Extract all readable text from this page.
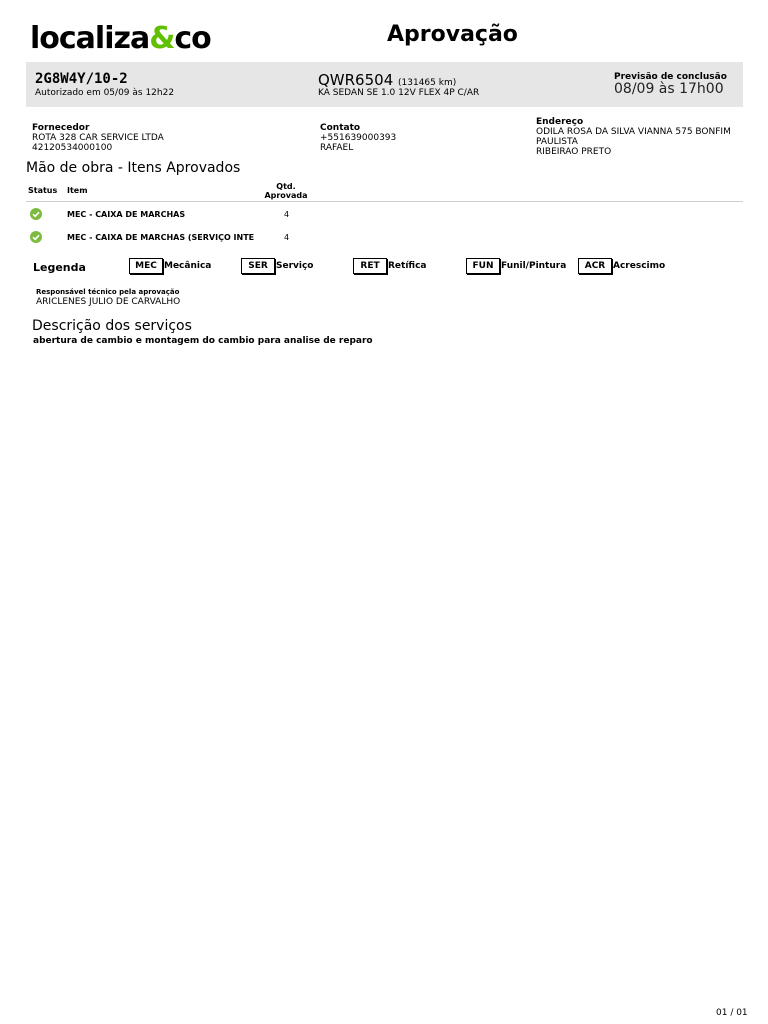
localiza&co	Aprovação
2G8W4Y/10-2
Autorizado em 05/09 às 12h22
QWR6504 (131465 km)
KA SEDAN SE 1.0 12V FLEX 4P C/AR
Previsão de conclusão
08/09 às 17h00
Fornecedor
ROTA 328 CAR SERVICE LTDA
42120534000100
Contato
+551639000393
RAFAEL
Endereço
ODILA ROSA DA SILVA VIANNA 575 BONFIM
PAULISTA
RIBEIRAO PRETO
Mão de obra - Itens Aprovados
Status Item	Qtd.
Aprovada
MEC - CAIXA DE MARCHAS	4
MEC - CAIXA DE MARCHAS (SERVIÇO INTE	4
Legenda	MEC Mecânica	SER Serviço	RET Retífica	FUN Funil/Pintura	ACR Acrescimo
Responsável técnico pela aprovação
ARICLENES JULIO DE CARVALHO
Descrição dos serviços
abertura de cambio e montagem do cambio para analise de reparo
01 / 01
